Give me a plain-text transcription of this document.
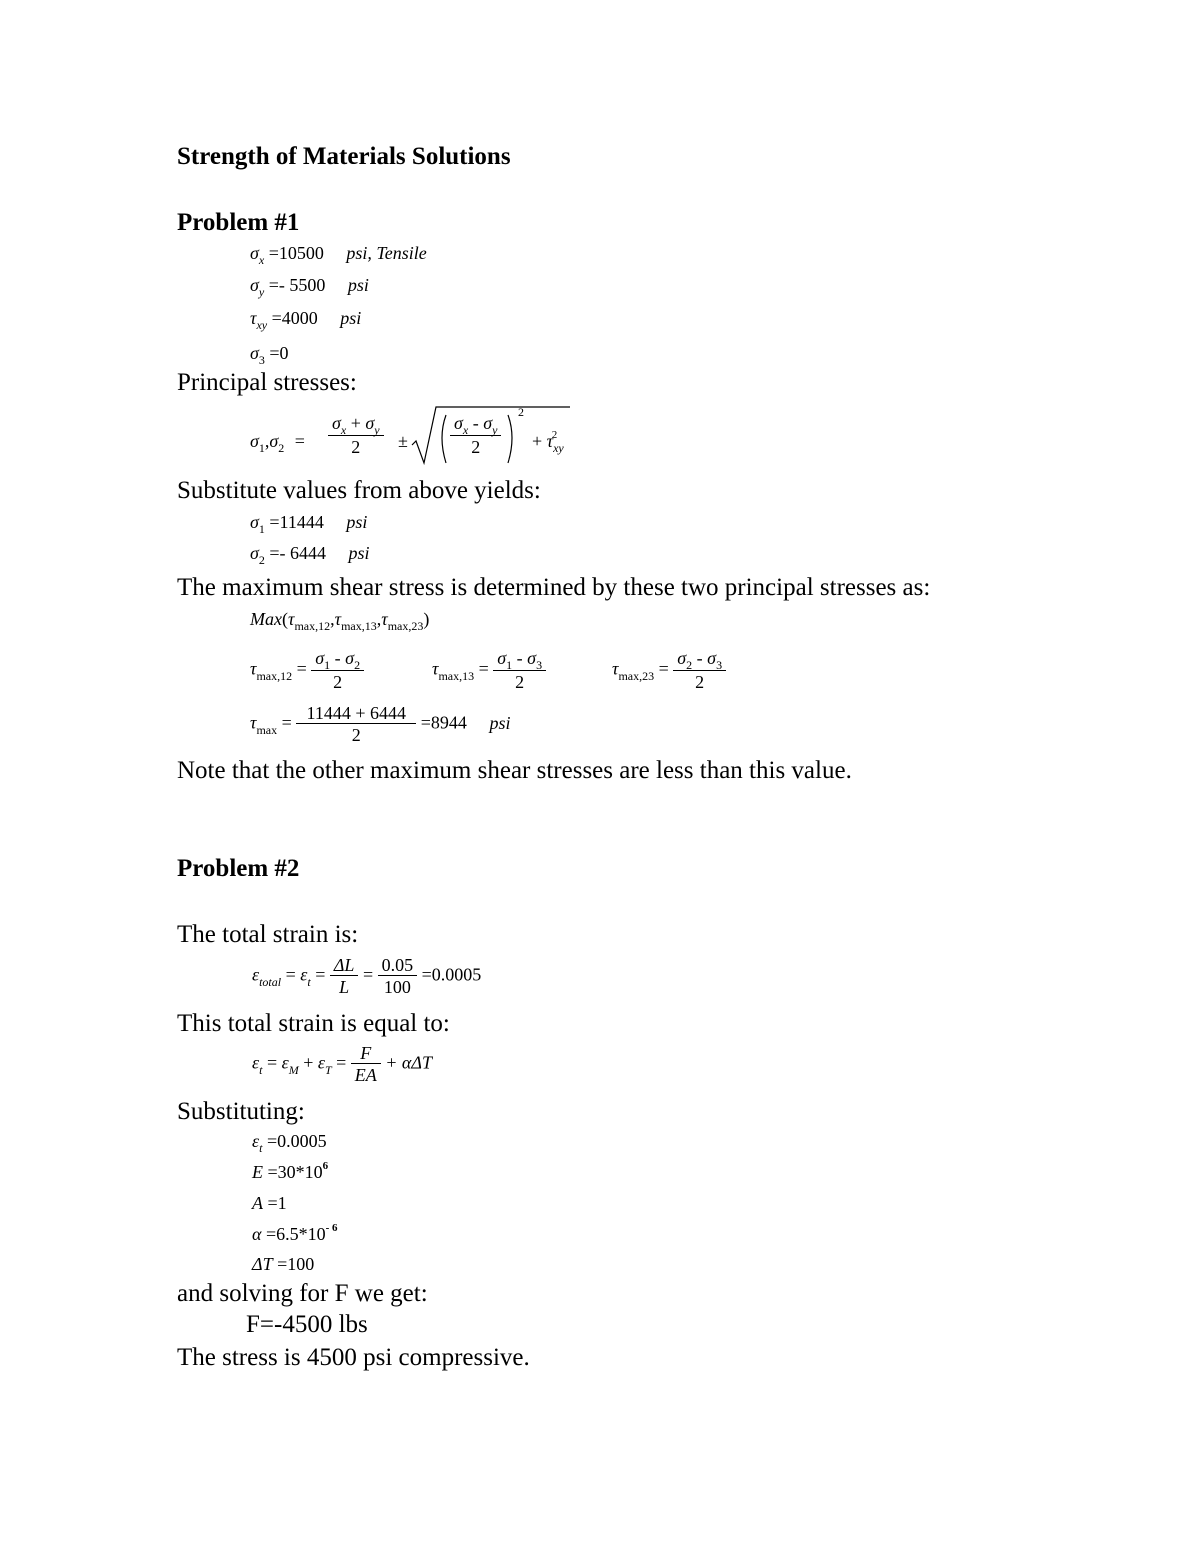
Strength of Materials Solutions
Problem #1
$\sigma_x =10500$ psi, Tensile
$\sigma_y =- 5500$ psi
$\tau_{xy} =4000$ psi
$\sigma_3 =0$
Principal stresses:
$\sigma_1,\sigma_2 = \frac{\sigma_x + \sigma_y}{2} \pm \frac{\sigma_x - \sigma_y}{2}$
2
+ $\tau_{xy}^2$
Substitute values from above yields:
$\sigma_1 =11444$ psi
$\sigma_2 =- 6444$ psi
The maximum shear stress is determined by these two principal stresses as:
$Max(\tau_{max,12},\tau_{max,13},\tau_{max,23})$
$\tau_{max,12} = \frac{\sigma_1 - \sigma_2}{2}$	$\tau_{max,13} = \frac{\sigma_1 - \sigma_3}{2}$	$\tau_{max,23} = \frac{\sigma_2 - \sigma_3}{2}$
$\tau_{max} = \frac{11444 + 6444}{2} =8944$ psi
Note that the other maximum shear stresses are less than this value.
Problem #2
The total strain is:
$\varepsilon_{total} = \varepsilon_t = \frac{\Delta L}{L} = \frac{0.05}{100} =0.0005$
This total strain is equal to:
$\varepsilon_t = \varepsilon_M + \varepsilon_T = \frac{F}{EA} + \alpha\Delta T$
Substituting:
$\varepsilon_t =0.0005$
$E =30*10^6$
A =1
$\alpha =6.5*10^{- 6}$
ΔT =100
and solving for F we get:
F=-4500 lbs
The stress is 4500 psi compressive.
